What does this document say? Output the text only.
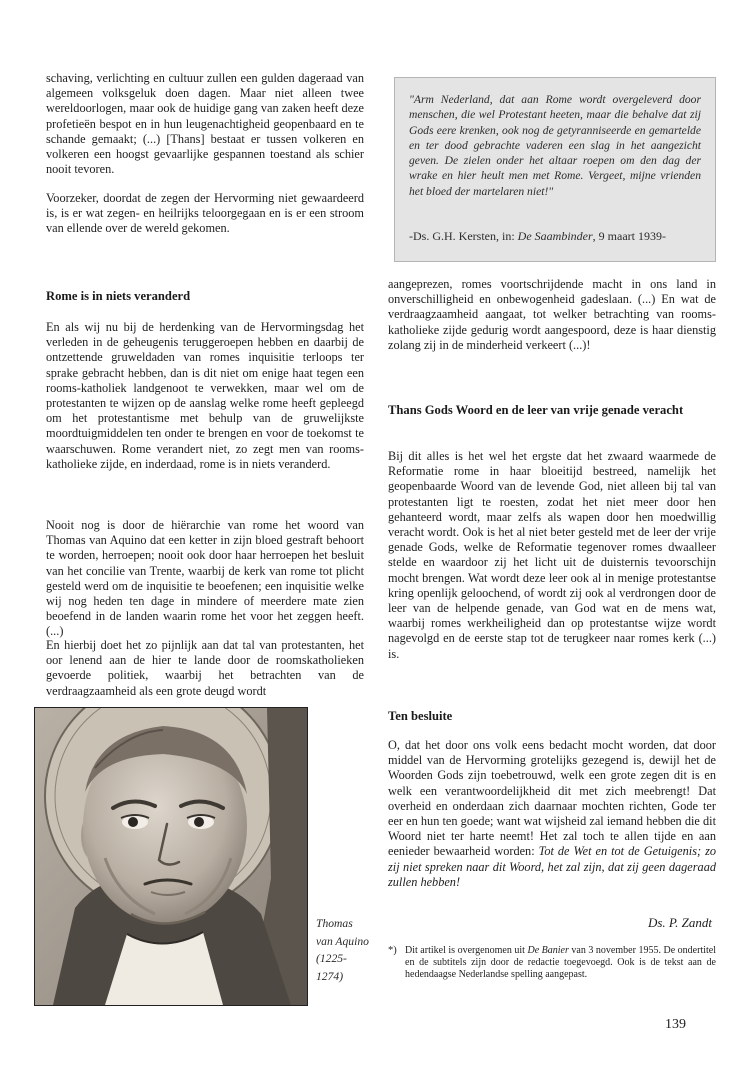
schaving, verlichting en cultuur zullen een gulden dageraad van algemeen volksgeluk doen dagen. Maar niet alleen twee wereldoorlogen, maar ook de huidige gang van zaken heeft deze profetieën bespot en in hun leugenachtigheid geopenbaard en te schande gemaakt; (...) [Thans] bestaat er tussen volkeren en volkeren een hoogst gevaarlijke gespannen toestand als schier nooit tevoren.

Voorzeker, doordat de zegen der Hervorming niet gewaardeerd is, is er wat zegen- en heilrijks teloorgegaan en is er een stroom van ellende over de wereld gekomen.

Rome is in niets veranderd

En als wij nu bij de herdenking van de Hervormingsdag het verleden in de geheugenis teruggeroepen hebben en daarbij de ontzettende gruweldaden van romes inquisitie terloops ter sprake gebracht hebben, dan is dit niet om enige haat tegen een rooms-katholiek landgenoot te verwekken, maar wel om de protestanten te wijzen op de aanslag welke rome heeft gepleegd om het protestantisme met behulp van de gruwelijkste moordtuigmiddelen ten onder te brengen en voor de toekomst te waarschuwen. Rome verandert niet, zo zegt men van rooms-katholieke zijde, en inderdaad, rome is in niets veranderd.

Nooit nog is door de hiërarchie van rome het woord van Thomas van Aquino dat een ketter in zijn bloed gestraft behoort te worden, herroepen; nooit ook door haar herroepen het besluit van het concilie van Trente, waarbij de kerk van rome tot plicht gesteld werd om de inquisitie te beoefenen; een inquisitie welke wij nog heden ten dage in mindere of meerdere mate zien beoefend in de landen waarin rome het voor het zeggen heeft. (...)

En hierbij doet het zo pijnlijk aan dat tal van protestanten, het oor lenend aan de hier te lande door de roomskatholieken gevoerde politiek, waarbij het betrachten van de verdraagzaamheid als een grote deugd wordt

"Arm Nederland, dat aan Rome wordt overgeleverd door menschen, die wel Protestant heeten, maar die behalve dat zij Gods eere krenken, ook nog de getyranniseerde en gemartelde en ter dood gebrachte vaderen een slag in het aangezicht geven. De zielen onder het altaar roepen om den dag der wrake en hier heult men met Rome. Vergeet, mijne vrienden het bloed der martelaren niet!"

-Ds. G.H. Kersten, in: De Saambinder, 9 maart 1939-

aangeprezen, romes voortschrijdende macht in ons land in onverschilligheid en onbewogenheid gadeslaan. (...) En wat de verdraagzaamheid aangaat, tot welker betrachting van rooms-katholieke zijde gedurig wordt aangespoord, deze is haar dienstig zolang zij in de minderheid verkeert (...)!

Thans Gods Woord en de leer van vrije genade veracht

Bij dit alles is het wel het ergste dat het zwaard waarmede de Reformatie rome in haar bloeitijd bestreed, namelijk het geopenbaarde Woord van de levende God, niet alleen bij tal van protestanten ligt te roesten, zodat het niet meer door hen gehanteerd wordt, maar zelfs als wapen door hen moedwillig veracht wordt. Ook is het al niet beter gesteld met de leer der vrije genade Gods, welke de Reformatie tegenover romes dwaalleer stelde en waardoor zij het licht uit de duisternis tevoorschijn mocht brengen. Wat wordt deze leer ook al in menige protestantse kring openlijk geloochend, of wordt zij ook al verdrongen door de leer van de helpende genade, van God wat en de mens wat, waarbij romes werkheiligheid dan op protestantse wijze wordt nagevolgd en de eerste stap tot de terugkeer naar romes kerk (...) is.

Ten besluite

O, dat het door ons volk eens bedacht mocht worden, dat door middel van de Hervorming grotelijks gezegend is, dewijl het de Woorden Gods zijn toebetrouwd, welk een grote zegen dit is en welk een verantwoordelijkheid dit met zich meebrengt! Dat overheid en onderdaan zich daarnaar mochten richten, Gode ter eer en hun ten goede; want wat wijsheid zal iemand hebben die dit Woord niet ter harte neemt! Het zal toch te allen tijde en aan eenieder bewaarheid worden: Tot de Wet en tot de Getuigenis; zo zij niet spreken naar dit Woord, het zal zijn, dat zij geen dageraad zullen hebben!

Ds. P. Zandt

*) Dit artikel is overgenomen uit De Banier van 3 november 1955. De ondertitel en de subtitels zijn door de redactie toegevoegd. Ook is de tekst aan de hedendaagse Nederlandse spelling aangepast.

Thomas van Aquino (1225-1274)

139
